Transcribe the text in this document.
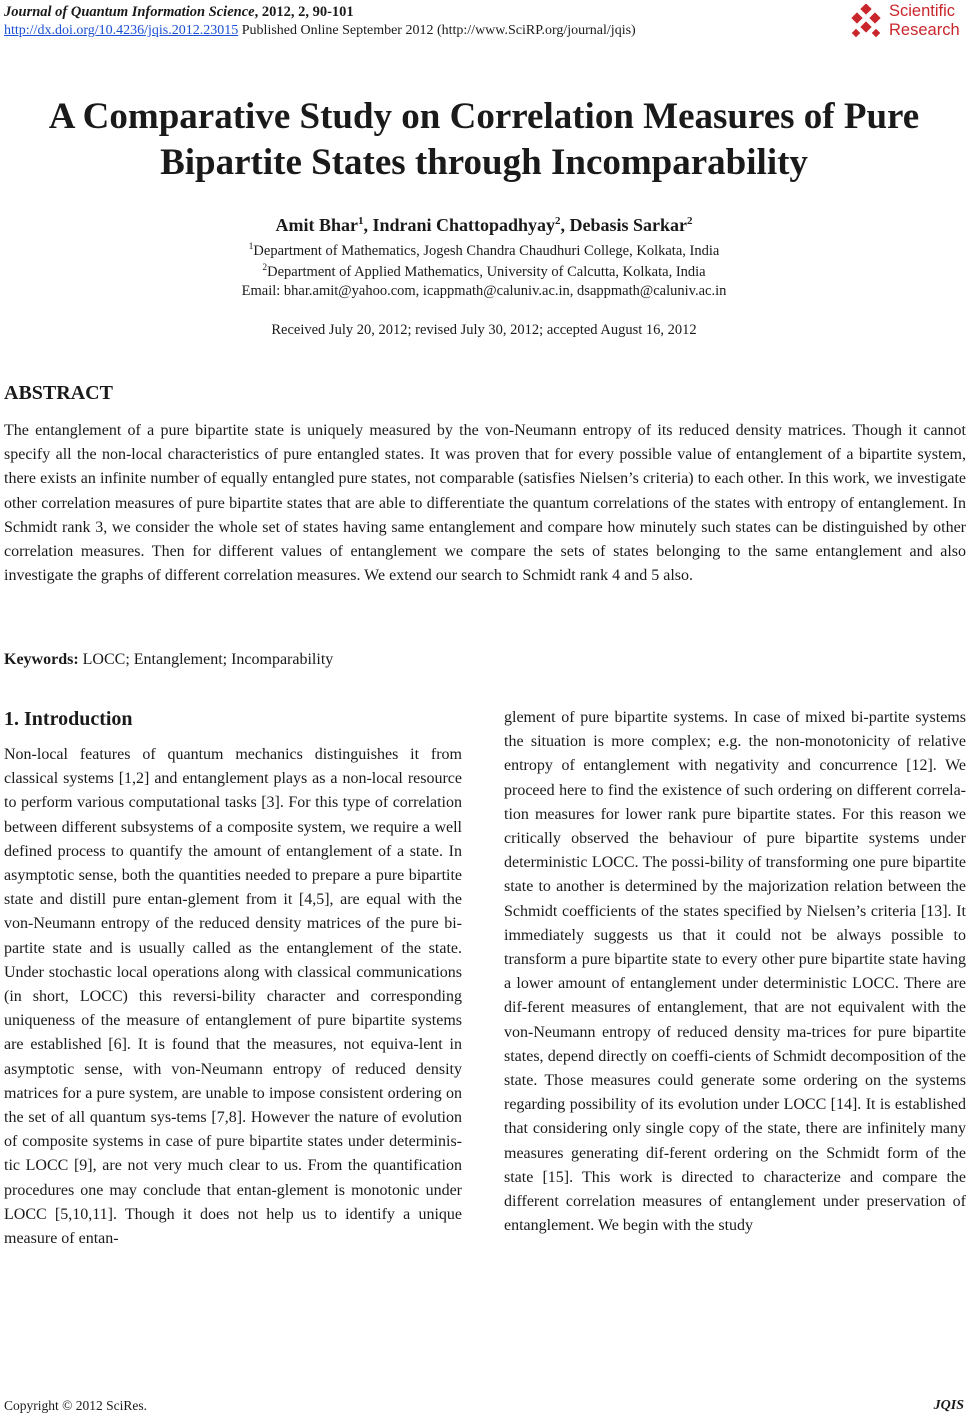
Journal of Quantum Information Science, 2012, 2, 90-101
http://dx.doi.org/10.4236/jqis.2012.23015 Published Online September 2012 (http://www.SciRP.org/journal/jqis)
Scientific
Research
A Comparative Study on Correlation Measures of Pure Bipartite States through Incomparability
Amit Bhar$^1$, Indrani Chattopadhyay$^2$, Debasis Sarkar$^2$
$^1$Department of Mathematics, Jogesh Chandra Chaudhuri College, Kolkata, India
$^2$Department of Applied Mathematics, University of Calcutta, Kolkata, India
Email: bhar.amit@yahoo.com, icappmath@caluniv.ac.in, dsappmath@caluniv.ac.in
Received July 20, 2012; revised July 30, 2012; accepted August 16, 2012
ABSTRACT

The entanglement of a pure bipartite state is uniquely measured by the von-Neumann entropy of its reduced density matrices. Though it cannot specify all the non-local characteristics of pure entangled states. It was proven that for every possible value of entanglement of a bipartite system, there exists an infinite number of equally entangled pure states, not comparable (satisfies Nielsen’s criteria) to each other. In this work, we investigate other correlation measures of pure bipartite states that are able to differentiate the quantum correlations of the states with entropy of entanglement. In Schmidt rank 3, we consider the whole set of states having same entanglement and compare how minutely such states can be distinguished by other correlation measures. Then for different values of entanglement we compare the sets of states belonging to the same entanglement and also investigate the graphs of different correlation measures. We extend our search to Schmidt rank 4 and 5 also.

Keywords: LOCC; Entanglement; Incomparability
1. Introduction

Non-local features of quantum mechanics distinguishes it from classical systems [1,2] and entanglement plays as a non-local resource to perform various computational tasks [3]. For this type of correlation between different subsystems of a composite system, we require a well defined process to quantify the amount of entanglement of a state. In asymptotic sense, both the quantities needed to prepare a pure bipartite state and distill pure entan-glement from it [4,5], are equal with the von-Neumann entropy of the reduced density matrices of the pure bi-partite state and is usually called as the entanglement of the state. Under stochastic local operations along with classical communications (in short, LOCC) this reversi-bility character and corresponding uniqueness of the measure of entanglement of pure bipartite systems are established [6]. It is found that the measures, not equiva-lent in asymptotic sense, with von-Neumann entropy of reduced density matrices for a pure system, are unable to impose consistent ordering on the set of all quantum sys-tems [7,8]. However the nature of evolution of composite systems in case of pure bipartite states under determinis-tic LOCC [9], are not very much clear to us. From the quantification procedures one may conclude that entan-glement is monotonic under LOCC [5,10,11]. Though it does not help us to identify a unique measure of entan-

glement of pure bipartite systems. In case of mixed bi-partite systems the situation is more complex; e.g. the non-monotonicity of relative entropy of entanglement with negativity and concurrence [12]. We proceed here to find the existence of such ordering on different correla-tion measures for lower rank pure bipartite states. For this reason we critically observed the behaviour of pure bipartite systems under deterministic LOCC. The possi-bility of transforming one pure bipartite state to another is determined by the majorization relation between the Schmidt coefficients of the states specified by Nielsen’s criteria [13]. It immediately suggests us that it could not be always possible to transform a pure bipartite state to every other pure bipartite state having a lower amount of entanglement under deterministic LOCC. There are dif-ferent measures of entanglement, that are not equivalent with the von-Neumann entropy of reduced density ma-trices for pure bipartite states, depend directly on coeffi-cients of Schmidt decomposition of the state. Those measures could generate some ordering on the systems regarding possibility of its evolution under LOCC [14]. It is established that considering only single copy of the state, there are infinitely many measures generating dif-ferent ordering on the Schmidt form of the state [15]. This work is directed to characterize and compare the different correlation measures of entanglement under preservation of entanglement. We begin with the study

Copyright © 2012 SciRes.	JQIS
